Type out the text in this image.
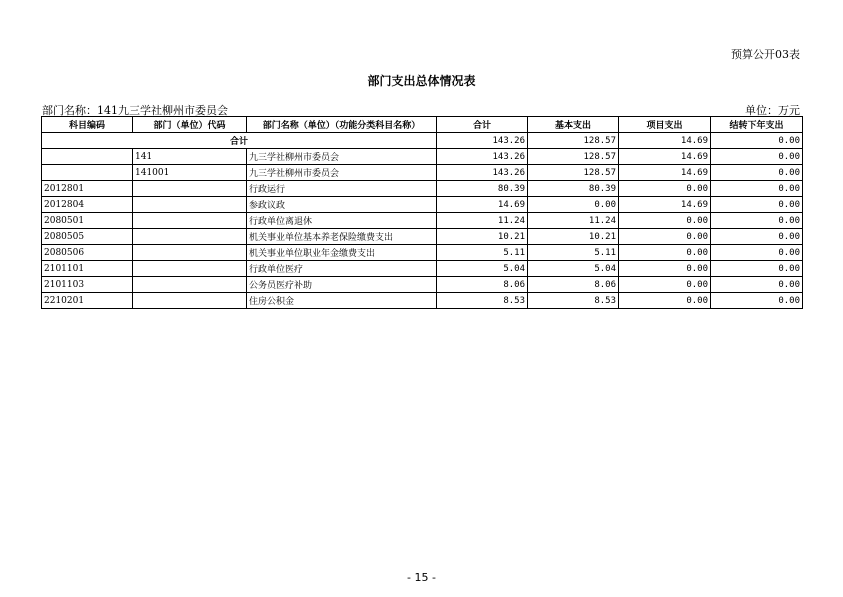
预算公开03表
部门支出总体情况表
部门名称：141九三学社柳州市委员会	单位：万元
科目编码	部门（单位）代码	部门名称（单位）（功能分类科目名称）	合计	基本支出	项目支出	结转下年支出
合计			143.26	128.57	14.69	0.00
	141	九三学社柳州市委员会	143.26	128.57	14.69	0.00
	141001	九三学社柳州市委员会	143.26	128.57	14.69	0.00
2012801		行政运行	80.39	80.39	0.00	0.00
2012804		参政议政	14.69	0.00	14.69	0.00
2080501		行政单位离退休	11.24	11.24	0.00	0.00
2080505		机关事业单位基本养老保险缴费支出	10.21	10.21	0.00	0.00
2080506		机关事业单位职业年金缴费支出	5.11	5.11	0.00	0.00
2101101		行政单位医疗	5.04	5.04	0.00	0.00
2101103		公务员医疗补助	8.06	8.06	0.00	0.00
2210201		住房公积金	8.53	8.53	0.00	0.00
- 15 -
